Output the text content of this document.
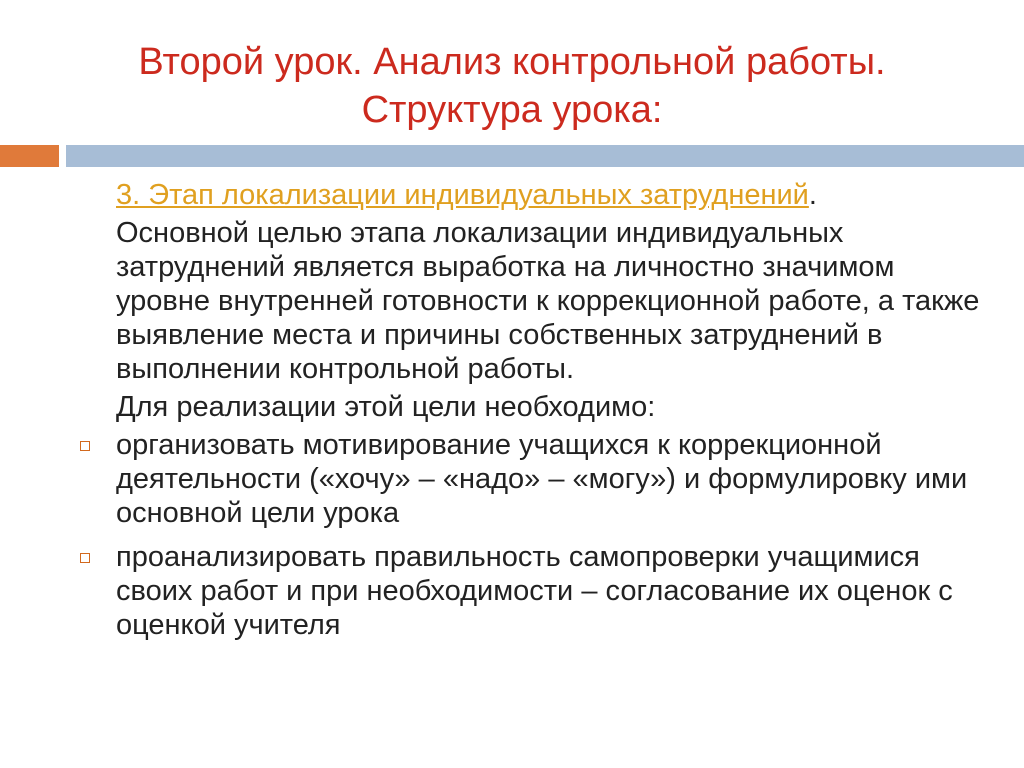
Второй урок. Анализ контрольной работы.
Структура урока:

3. Этап локализации индивидуальных затруднений.

Основной целью этапа локализации индивидуальных затруднений является выработка на личностно значимом уровне внутренней готовности к коррекционной работе, а также выявление места и причины собственных затруднений в выполнении контрольной работы.

Для реализации этой цели необходимо:

организовать мотивирование учащихся к коррекционной деятельности («хочу» – «надо» – «могу») и формулировку ими основной цели урока
проанализировать правильность самопроверки учащимися своих работ и при необходимости – согласование их оценок с оценкой учителя
